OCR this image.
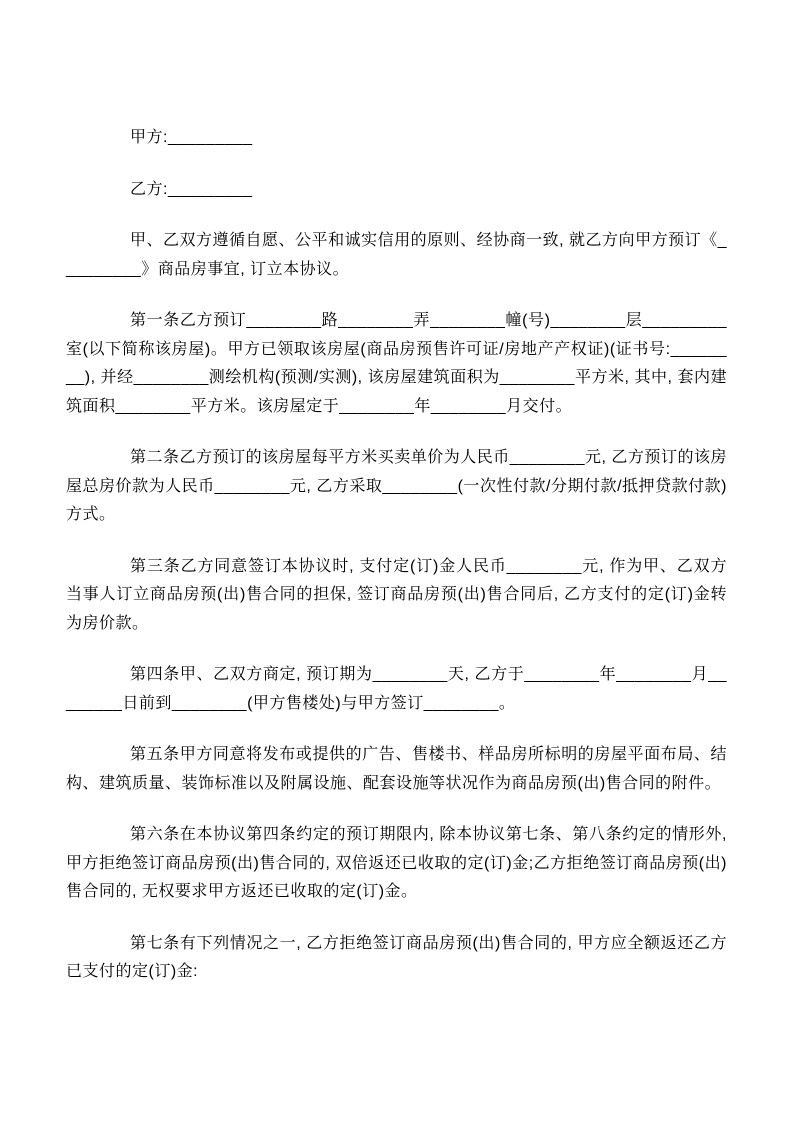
甲方:_________

乙方:_________

甲、乙双方遵循自愿、公平和诚实信用的原则、经协商一致, 就乙方向甲方预订《_________》商品房事宜, 订立本协议。

第一条乙方预订________路________弄________幢(号)________层_________室(以下简称该房屋)。甲方已领取该房屋(商品房预售许可证/房地产产权证)(证书号:________), 并经________测绘机构(预测/实测), 该房屋建筑面积为________平方米, 其中, 套内建筑面积________平方米。该房屋定于________年________月交付。

第二条乙方预订的该房屋每平方米买卖单价为人民币________元, 乙方预订的该房屋总房价款为人民币________元, 乙方采取________(一次性付款/分期付款/抵押贷款付款)方式。

第三条乙方同意签订本协议时, 支付定(订)金人民币________元, 作为甲、乙双方当事人订立商品房预(出)售合同的担保, 签订商品房预(出)售合同后, 乙方支付的定(订)金转为房价款。

第四条甲、乙双方商定, 预订期为________天, 乙方于________年________月________日前到________(甲方售楼处)与甲方签订________。

第五条甲方同意将发布或提供的广告、售楼书、样品房所标明的房屋平面布局、结构、建筑质量、装饰标准以及附属设施、配套设施等状况作为商品房预(出)售合同的附件。

第六条在本协议第四条约定的预订期限内, 除本协议第七条、第八条约定的情形外, 甲方拒绝签订商品房预(出)售合同的, 双倍返还已收取的定(订)金;乙方拒绝签订商品房预(出)售合同的, 无权要求甲方返还已收取的定(订)金。

第七条有下列情况之一, 乙方拒绝签订商品房预(出)售合同的, 甲方应全额返还乙方已支付的定(订)金:
